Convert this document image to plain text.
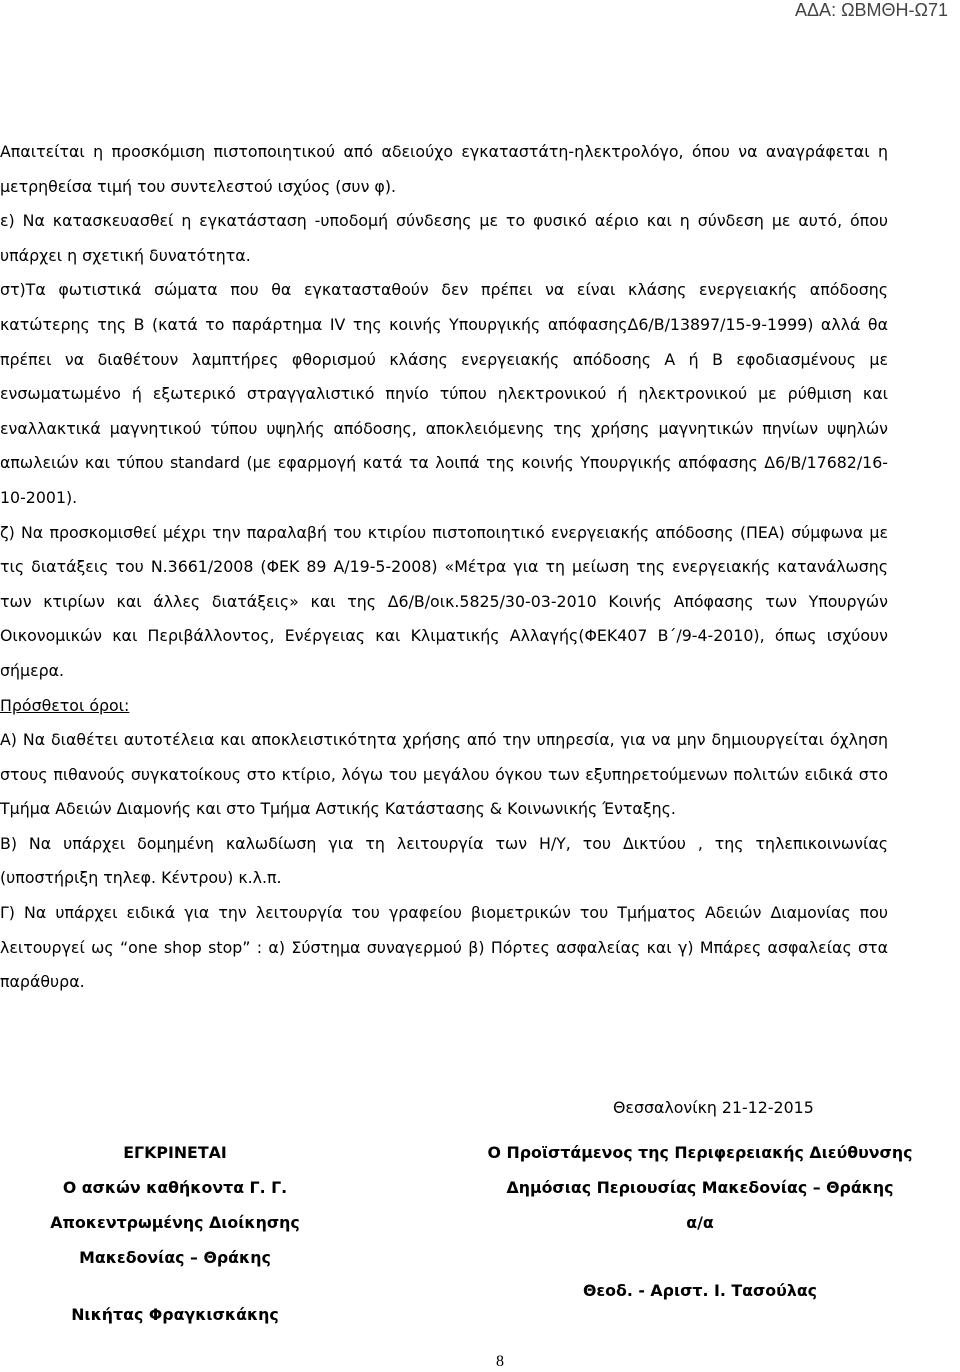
ΑΔΑ: ΩΒΜΘΗ-Ω71

Απαιτείται η προσκόμιση πιστοποιητικού από αδειούχο εγκαταστάτη-ηλεκτρολόγο, όπου να αναγράφεται η μετρηθείσα τιμή του συντελεστού ισχύος (συν φ).

ε) Να κατασκευασθεί η εγκατάσταση -υποδομή σύνδεσης με το φυσικό αέριο και η σύνδεση με αυτό, όπου υπάρχει η σχετική δυνατότητα.

στ)Τα φωτιστικά σώματα που θα εγκατασταθούν δεν πρέπει να είναι κλάσης ενεργειακής απόδοσης κατώτερης της Β (κατά το παράρτημα IV της κοινής Υπουργικής απόφασηςΔ6/Β/13897/15-9-1999) αλλά θα πρέπει να διαθέτουν λαμπτήρες φθορισμού κλάσης ενεργειακής απόδοσης Α ή Β εφοδιασμένους με ενσωματωμένο ή εξωτερικό στραγγαλιστικό πηνίο τύπου ηλεκτρονικού ή ηλεκτρονικού με ρύθμιση και εναλλακτικά μαγνητικού τύπου υψηλής απόδοσης, αποκλειόμενης της χρήσης μαγνητικών πηνίων υψηλών απωλειών και τύπου standard (με εφαρμογή κατά τα λοιπά της κοινής Υπουργικής απόφασης Δ6/Β/17682/16-10-2001).

ζ) Να προσκομισθεί μέχρι την παραλαβή του κτιρίου πιστοποιητικό ενεργειακής απόδοσης (ΠΕΑ) σύμφωνα με τις διατάξεις του Ν.3661/2008 (ΦΕΚ 89 Α/19-5-2008) «Μέτρα για τη μείωση της ενεργειακής κατανάλωσης των κτιρίων και άλλες διατάξεις» και της Δ6/Β/οικ.5825/30-03-2010 Κοινής Απόφασης των Υπουργών Οικονομικών και Περιβάλλοντος, Ενέργειας και Κλιματικής Αλλαγής(ΦΕΚ407 Β΄/9-4-2010), όπως ισχύουν σήμερα.

Πρόσθετοι όροι:

Α) Να διαθέτει αυτοτέλεια και αποκλειστικότητα χρήσης από την υπηρεσία, για να μην δημιουργείται όχληση στους πιθανούς συγκατοίκους στο κτίριο, λόγω του μεγάλου όγκου των εξυπηρετούμενων πολιτών ειδικά στο Τμήμα Αδειών Διαμονής και στο Τμήμα Αστικής Κατάστασης & Κοινωνικής Ένταξης.

Β) Να υπάρχει δομημένη καλωδίωση για τη λειτουργία των Η/Υ, του Δικτύου , της τηλεπικοινωνίας (υποστήριξη τηλεφ. Κέντρου) κ.λ.π.

Γ) Να υπάρχει ειδικά για την λειτουργία του γραφείου βιομετρικών του Τμήματος Αδειών Διαμονίας που λειτουργεί ως “one shop stop” : α) Σύστημα συναγερμού β) Πόρτες ασφαλείας και γ) Μπάρες ασφαλείας στα παράθυρα.

Θεσσαλονίκη 21-12-2015
ΕΓΚΡΙΝΕΤΑΙ
Ο ασκών καθήκοντα Γ. Γ.
Αποκεντρωμένης Διοίκησης
Μακεδονίας – Θράκης
Νικήτας Φραγκισκάκης
Ο Προϊστάμενος της Περιφερειακής Διεύθυνσης
Δημόσιας Περιουσίας Μακεδονίας – Θράκης
α/α
Θεοδ. - Αριστ. Ι. Τασούλας
8
